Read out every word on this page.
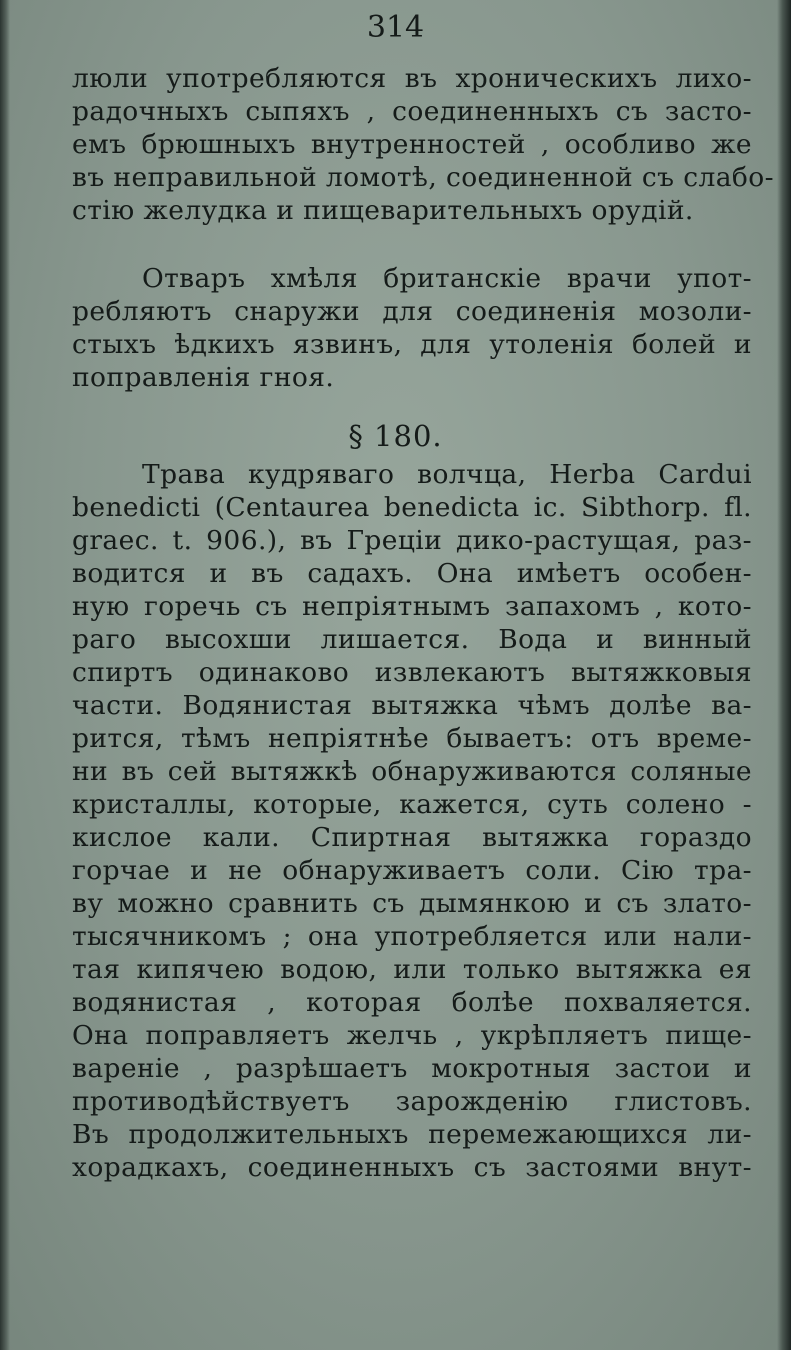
314
люли употребляются въ хроническихъ лихо-
радочныхъ сыпяхъ , соединенныхъ съ засто-
емъ брюшныхъ внутренностей , особливо же
въ неправильной ломотѣ, соединенной съ слабо-
стію желудка и пищеварительныхъ орудій.
Отваръ хмѣля британскіе врачи упот-
ребляютъ снаружи для соединенія мозоли-
стыхъ ѣдкихъ язвинъ, для утоленія болей и
поправленія гноя.
§ 180.
Трава кудряваго волчца, Herba Cardui
benedicti (Centaurea benedicta ic. Sibthorp. fl.
graec. t. 906.), въ Греціи дико-растущая, раз-
водится и въ садахъ. Она имѣетъ особен-
ную горечь съ непріятнымъ запахомъ , кото-
раго высохши лишается. Вода и винный
спиртъ одинаково извлекаютъ вытяжковыя
части. Водянистая вытяжка чѣмъ долѣе ва-
рится, тѣмъ непріятнѣе бываетъ: отъ време-
ни въ сей вытяжкѣ обнаруживаются соляные
кристаллы, которые, кажется, суть солено -
кислое кали. Спиртная вытяжка гораздо
горчае и не обнаруживаетъ соли. Сію тра-
ву можно сравнить съ дымянкою и съ злато-
тысячникомъ ; она употребляется или нали-
тая кипячею водою, или только вытяжка ея
водянистая , которая болѣе похваляется.
Она поправляетъ желчь , укрѣпляетъ пище-
вареніе , разрѣшаетъ мокротныя застои и
противодѣйствуетъ зарожденію глистовъ.
Въ продолжительныхъ перемежающихся ли-
хорадкахъ, соединенныхъ съ застоями внут-
